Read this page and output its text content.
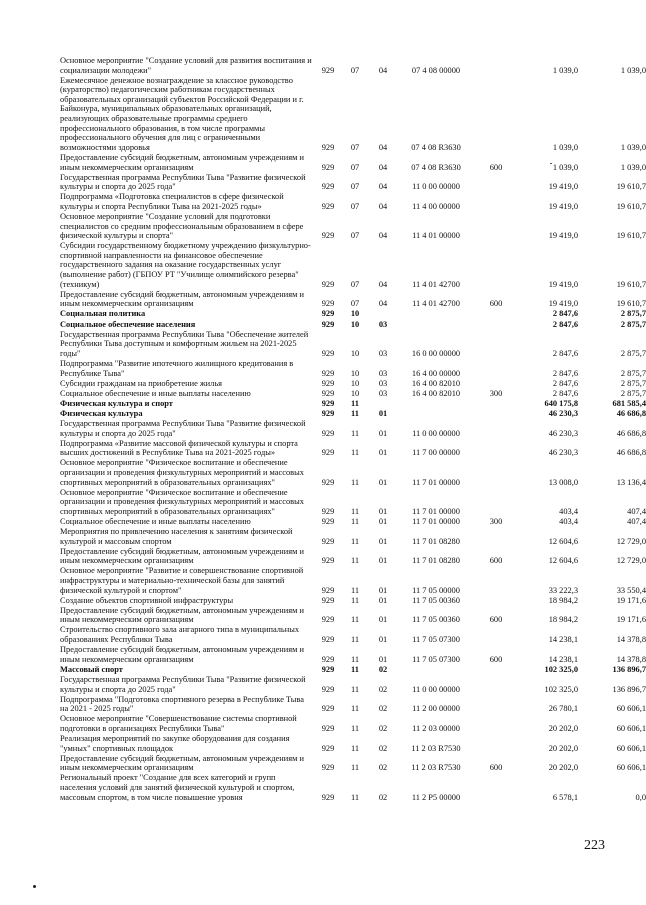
Основное мероприятие "Создание условий для развития воспитания и социализации молодежи"	929	07	04	07 4 08 00000	1 039,0	1 039,0
Ежемесячное денежное вознаграждение за классное руководство (кураторство) педагогическим работникам государственных образовательных организаций субъектов Российской Федерации и г. Байконура, муниципальных образовательных организаций, реализующих образовательные программы среднего профессионального образования, в том числе программы профессионального обучения для лиц с ограниченными возможностями здоровья	929	07	04	07 4 08 R3630	1 039,0	1 039,0
Предоставление субсидий бюджетным, автономным учреждениям и иным некоммерческим организациям	929	07	04	07 4 08 R3630	600	1 039,0	1 039,0
Государственная программа Республики Тыва "Развитие физической культуры и спорта до 2025 года"	929	07	04	11 0 00 00000	19 419,0	19 610,7
Подпрограмма «Подготовка специалистов в сфере физической культуры и спорта Республики Тыва на 2021-2025 годы»	929	07	04	11 4 00 00000	19 419,0	19 610,7
Основное мероприятие "Создание условий для подготовки специалистов со средним профессиональным образованием в сфере физической культуры и спорта"	929	07	04	11 4 01 00000	19 419,0	19 610,7
Субсидии государственному бюджетному учреждению физкультурно-спортивной направленности на финансовое обеспечение государственного задания на оказание государственных услуг (выполнение работ) (ГБПОУ РТ "Училище олимпийского резерва" (техникум)	929	07	04	11 4 01 42700	19 419,0	19 610,7
Предоставление субсидий бюджетным, автономным учреждениям и иным некоммерческим организациям	929	07	04	11 4 01 42700	600	19 419,0	19 610,7
Социальная политика	929	10	2 847,6	2 875,7
Социальное обеспечение населения	929	10	03	2 847,6	2 875,7
Государственная программа Республики Тыва "Обеспечение жителей Республики Тыва доступным и комфортным жильем на 2021-2025 годы"	929	10	03	16 0 00 00000	2 847,6	2 875,7
Подпрограмма "Развитие ипотечного жилищного кредитования в Республике Тыва"	929	10	03	16 4 00 00000	2 847,6	2 875,7
Субсидии гражданам на приобретение жилья	929	10	03	16 4 00 82010	2 847,6	2 875,7
Социальное обеспечение и иные выплаты населению	929	10	03	16 4 00 82010	300	2 847,6	2 875,7
Физическая культура и спорт	929	11	640 175,8	681 585,4
Физическая культура	929	11	01	46 230,3	46 686,8
Государственная программа Республики Тыва "Развитие физической культуры и спорта до 2025 года"	929	11	01	11 0 00 00000	46 230,3	46 686,8
Подпрограмма «Развитие массовой физической культуры и спорта высших достижений в Республике Тыва на 2021-2025 годы»	929	11	01	11 7 00 00000	46 230,3	46 686,8
Основное мероприятие "Физическое воспитание и обеспечение организации и проведения физкультурных мероприятий и массовых спортивных мероприятий в образовательных организациях"	929	11	01	11 7 01 00000	13 008,0	13 136,4
Основное мероприятие "Физическое воспитание и обеспечение организации и проведения физкультурных мероприятий и массовых спортивных мероприятий в образовательных организациях"	929	11	01	11 7 01 00000	403,4	407,4
Социальное обеспечение и иные выплаты населению	929	11	01	11 7 01 00000	300	403,4	407,4
Мероприятия по привлечению населения к занятиям физической культурой и массовым спортом	929	11	01	11 7 01 08280	12 604,6	12 729,0
Предоставление субсидий бюджетным, автономным учреждениям и иным некоммерческим организациям	929	11	01	11 7 01 08280	600	12 604,6	12 729,0
Основное мероприятие "Развитие и совершенствование спортивной инфраструктуры и материально-технической базы для занятий физической культурой и спортом"	929	11	01	11 7 05 00000	33 222,3	33 550,4
Создание объектов спортивной инфраструктуры	929	11	01	11 7 05 00360	18 984,2	19 171,6
Предоставление субсидий бюджетным, автономным учреждениям и иным некоммерческим организациям	929	11	01	11 7 05 00360	600	18 984,2	19 171,6
Строительство спортивного зала ангарного типа в муниципальных образованиях Республики Тыва	929	11	01	11 7 05 07300	14 238,1	14 378,8
Предоставление субсидий бюджетным, автономным учреждениям и иным некоммерческим организациям	929	11	01	11 7 05 07300	600	14 238,1	14 378,8
Массовый спорт	929	11	02	102 325,0	136 896,7
Государственная программа Республики Тыва "Развитие физической культуры и спорта до 2025 года"	929	11	02	11 0 00 00000	102 325,0	136 896,7
Подпрограмма "Подготовка спортивного резерва в Республике Тыва на 2021 - 2025 годы"	929	11	02	11 2 00 00000	26 780,1	60 606,1
Основное мероприятие "Совершенствование системы спортивной подготовки в организациях Республики Тыва"	929	11	02	11 2 03 00000	20 202,0	60 606,1
Реализация мероприятий по закупке оборудования для создания "умных" спортивных площадок	929	11	02	11 2 03 R7530	20 202,0	60 606,1
Предоставление субсидий бюджетным, автономным учреждениям и иным некоммерческим организациям	929	11	02	11 2 03 R7530	600	20 202,0	60 606,1
Региональный проект "Создание для всех категорий и групп населения условий для занятий физической культурой и спортом, массовым спортом, в том числе повышение уровня	929	11	02	11 2 P5 00000	6 578,1	0,0
223
